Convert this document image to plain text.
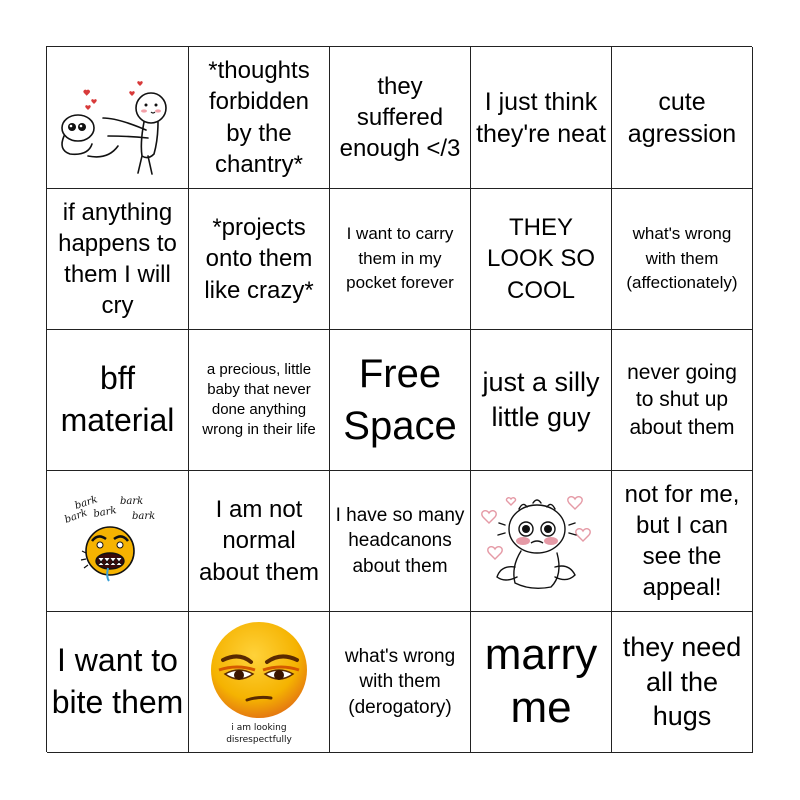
*thoughts forbidden by the chantry*
they suffered enough </3
I just think they're neat
cute agression
if anything happens to them I will cry
*projects onto them like crazy*
I want to carry them in my pocket forever
THEY LOOK SO COOL
what's wrong with them (affectionately)
bff material
a precious, little baby that never done anything wrong in their life
Free Space
just a silly little guy
never going to shut up about them
bark bark
bark bark bark	I am not normal about them
I have so many headcanons about them
not for me, but I can see the appeal!
I want to bite them
i am looking
disrespectfully
what's wrong with them (derogatory)
marry me
they need all the hugs
